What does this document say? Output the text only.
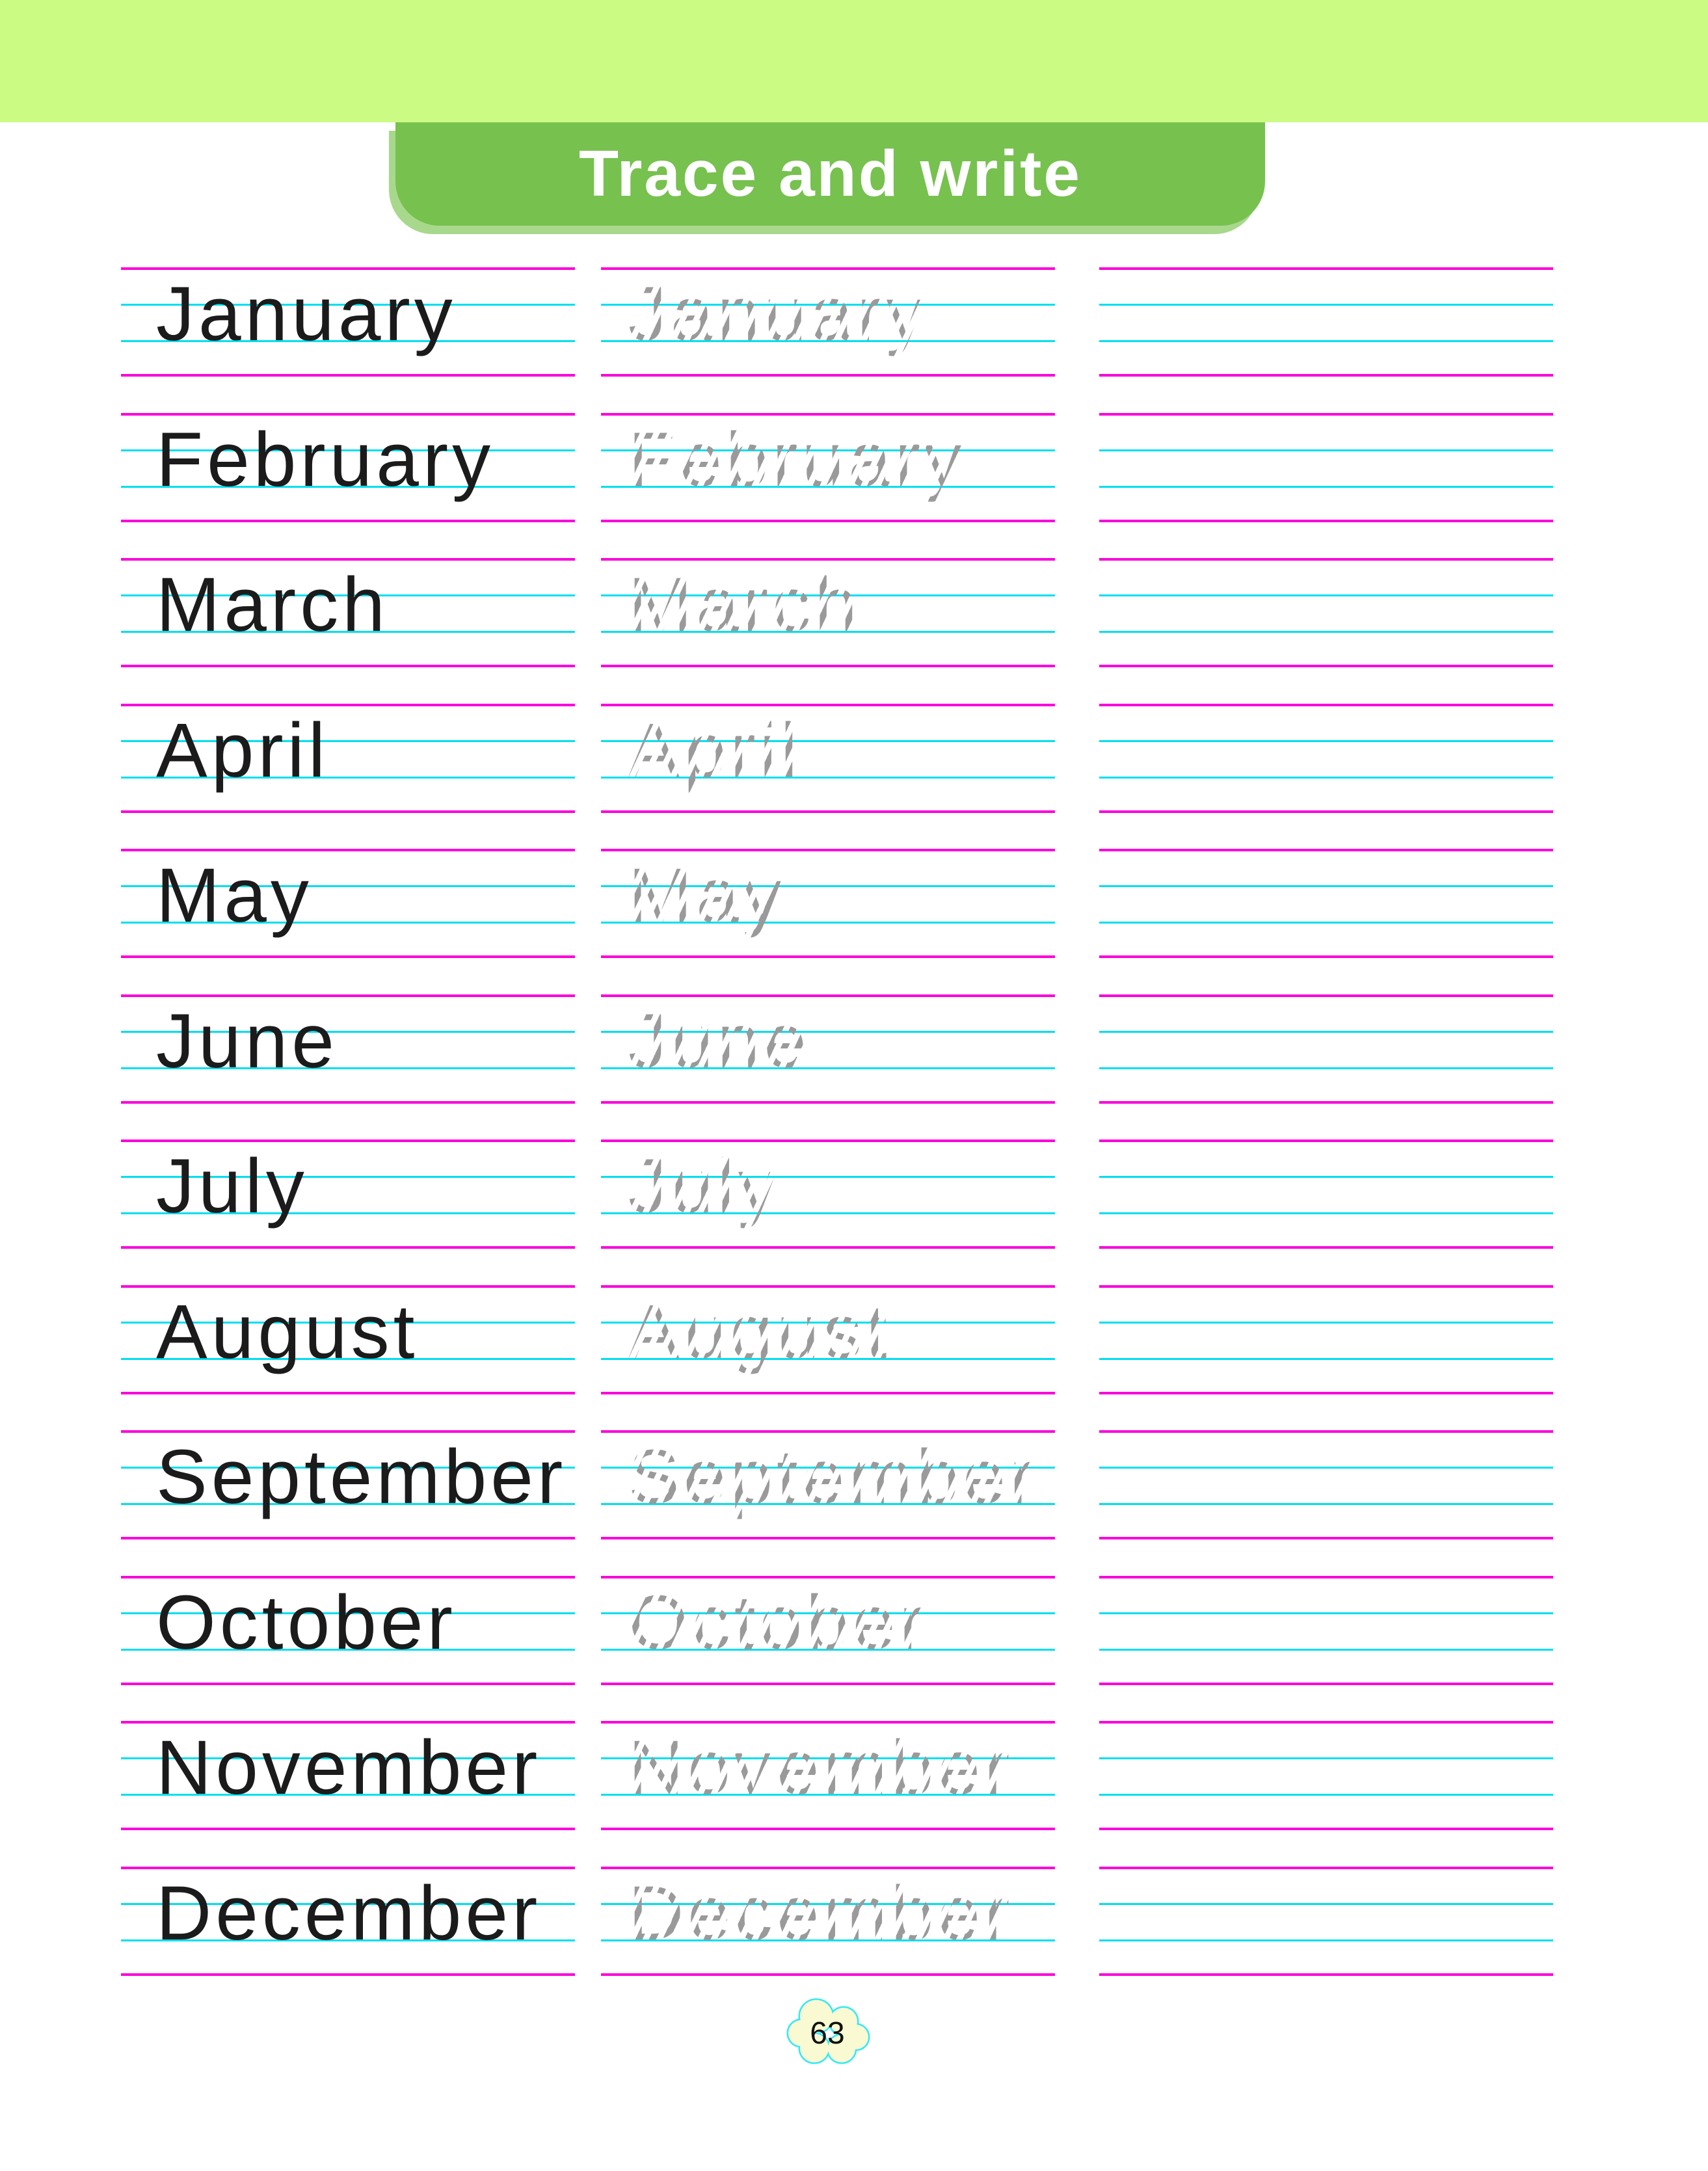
Trace and write
January January
February February
March	March
April	April
May	May
June	June
July	July
August	August
September September
October October
November November
December December
63
